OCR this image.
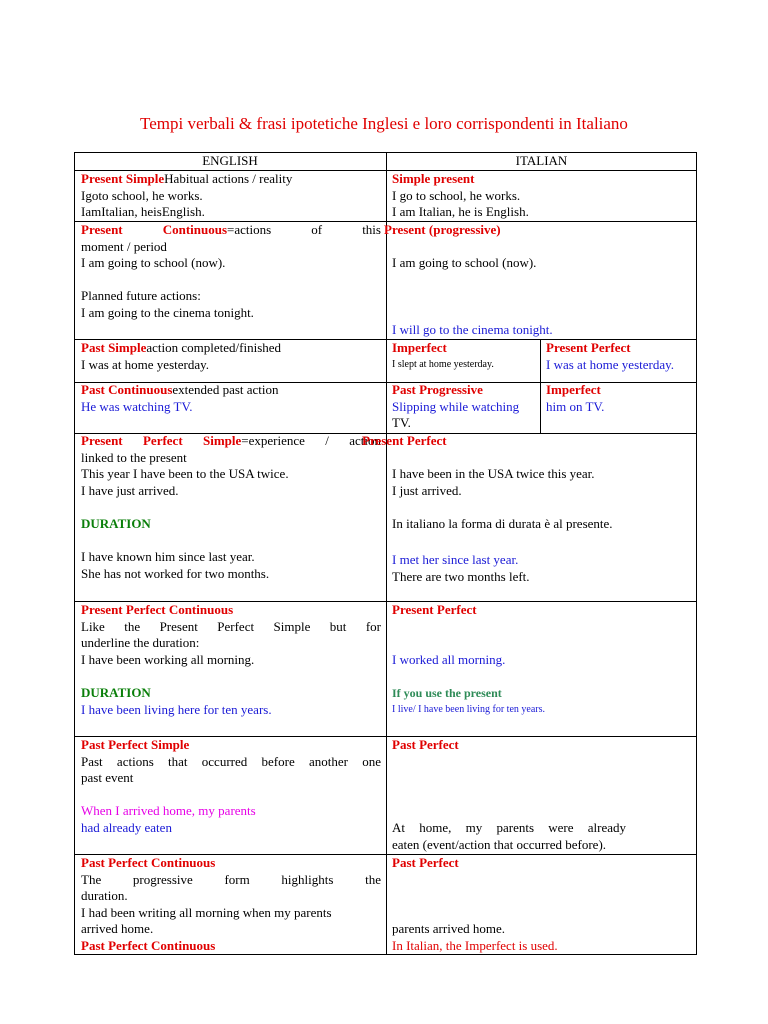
Tempi verbali & frasi ipotetiche Inglesi e loro corrispondenti in Italiano
ENGLISH	ITALIAN
Present SimpleHabitual actions / reality
Igoto school, he works.
IamItalian, heisEnglish.
Simple present
I go to school, he works.
I am Italian, he is English.
Present Continuous=actions of this
moment / period
I am going to school (now).
Planned future actions:
I am going to the cinema tonight.
Present (progressive)
I am going to school (now).
I will go to the cinema tonight.
Past Simpleaction completed/finished
I was at home yesterday.
Imperfect
I slept at home yesterday.
Present Perfect
I was at home yesterday.
Past Continuousextended past action
He was watching TV.
Past Progressive
Slipping while watching
TV.
Imperfect
him on TV.
Present Perfect Simple=experience / action
linked to the present
This year I have been to the USA twice.
I have just arrived.
DURATION
I have known him since last year.
She has not worked for two months.
Present Perfect
I have been in the USA twice this year.
I just arrived.
In italiano la forma di durata è al presente.
I met her since last year.
There are two months left.
Present Perfect Continuous
Like the Present Perfect Simple but for
underline the duration:
I have been working all morning.
DURATION
I have been living here for ten years.
Present Perfect
I worked all morning.
If you use the present
I live/ I have been living for ten years.
Past Perfect Simple
Past actions that occurred before another one
past event
When I arrived home, my parents
had already eaten
Past Perfect
At home, my parents were already
eaten (event/action that occurred before).
Past Perfect Continuous
The progressive form highlights the
duration.
I had been writing all morning when my parents
arrived home.
Past Perfect Continuous
Past Perfect
parents arrived home.
In Italian, the Imperfect is used.
